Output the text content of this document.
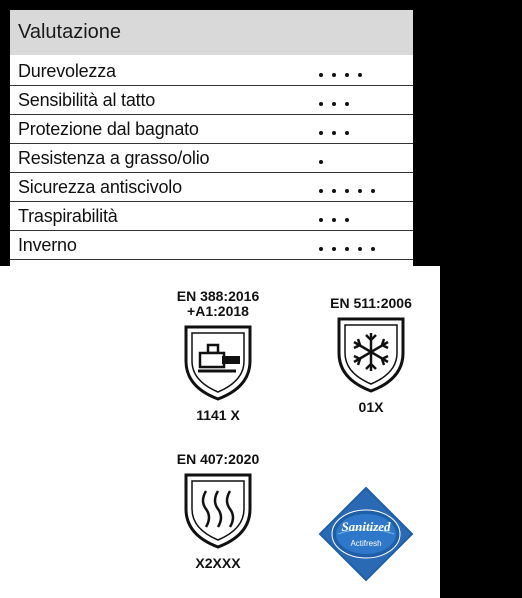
Valutazione
Durevolezza
Sensibilità al tatto
Protezione dal bagnato
Resistenza a grasso/olio
Sicurezza antiscivolo
Traspirabilità
Inverno
EN 388:2016
+A1:2018
1141 X
EN 511:2006
01X
EN 407:2020
X2XXX
Sanitized
Actifresh
